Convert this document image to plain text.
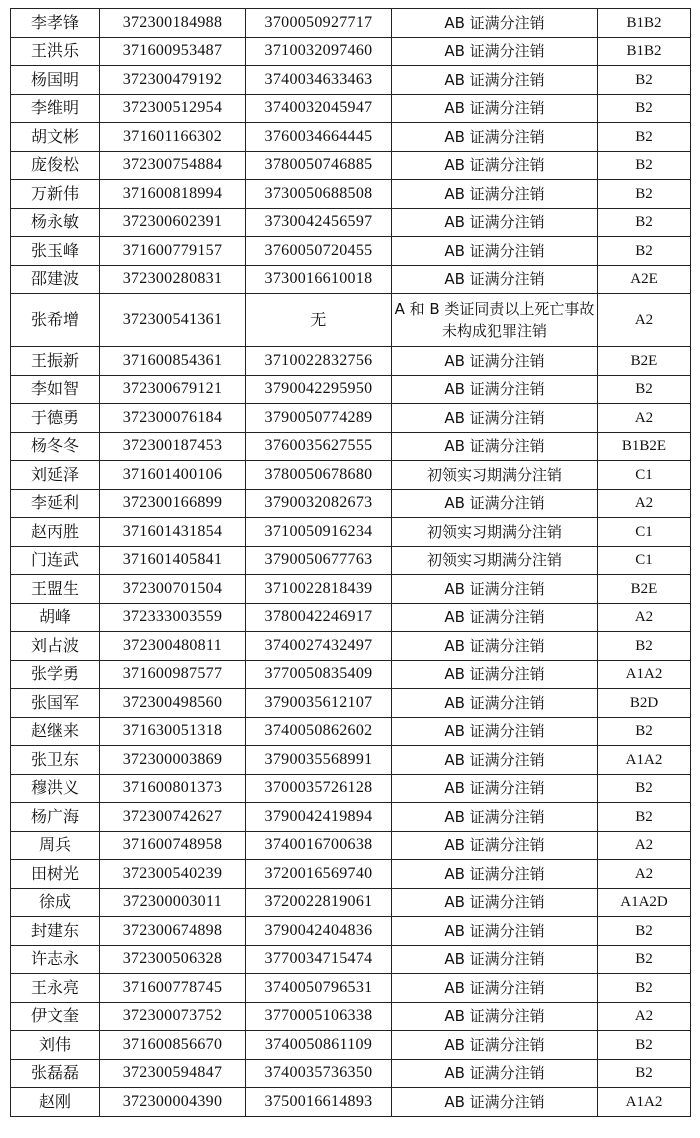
李孝锋	372300184988	3700050927717	AB 证满分注销	B1B2
王洪乐	371600953487	3710032097460	AB 证满分注销	B1B2
杨国明	372300479192	3740034633463	AB 证满分注销	B2
李维明	372300512954	3740032045947	AB 证满分注销	B2
胡文彬	371601166302	3760034664445	AB 证满分注销	B2
庞俊松	372300754884	3780050746885	AB 证满分注销	B2
万新伟	371600818994	3730050688508	AB 证满分注销	B2
杨永敏	372300602391	3730042456597	AB 证满分注销	B2
张玉峰	371600779157	3760050720455	AB 证满分注销	B2
邵建波	372300280831	3730016610018	AB 证满分注销	A2E
张希增	372300541361	无	A 和 B 类证同责以上死亡事故未构成犯罪注销	A2
王振新	371600854361	3710022832756	AB 证满分注销	B2E
李如智	372300679121	3790042295950	AB 证满分注销	B2
于德勇	372300076184	3790050774289	AB 证满分注销	A2
杨冬冬	372300187453	3760035627555	AB 证满分注销	B1B2E
刘延泽	371601400106	3780050678680	初领实习期满分注销	C1
李延利	372300166899	3790032082673	AB 证满分注销	A2
赵丙胜	371601431854	3710050916234	初领实习期满分注销	C1
门连武	371601405841	3790050677763	初领实习期满分注销	C1
王盟生	372300701504	3710022818439	AB 证满分注销	B2E
胡峰	372333003559	3780042246917	AB 证满分注销	A2
刘占波	372300480811	3740027432497	AB 证满分注销	B2
张学勇	371600987577	3770050835409	AB 证满分注销	A1A2
张国军	372300498560	3790035612107	AB 证满分注销	B2D
赵继来	371630051318	3740050862602	AB 证满分注销	B2
张卫东	372300003869	3790035568991	AB 证满分注销	A1A2
穆洪义	371600801373	3700035726128	AB 证满分注销	B2
杨广海	372300742627	3790042419894	AB 证满分注销	B2
周兵	371600748958	3740016700638	AB 证满分注销	A2
田树光	372300540239	3720016569740	AB 证满分注销	A2
徐成	372300003011	3720022819061	AB 证满分注销	A1A2D
封建东	372300674898	3790042404836	AB 证满分注销	B2
许志永	372300506328	3770034715474	AB 证满分注销	B2
王永亮	371600778745	3740050796531	AB 证满分注销	B2
伊文奎	372300073752	3770005106338	AB 证满分注销	A2
刘伟	371600856670	3740050861109	AB 证满分注销	B2
张磊磊	372300594847	3740035736350	AB 证满分注销	B2
赵刚	372300004390	3750016614893	AB 证满分注销	A1A2
